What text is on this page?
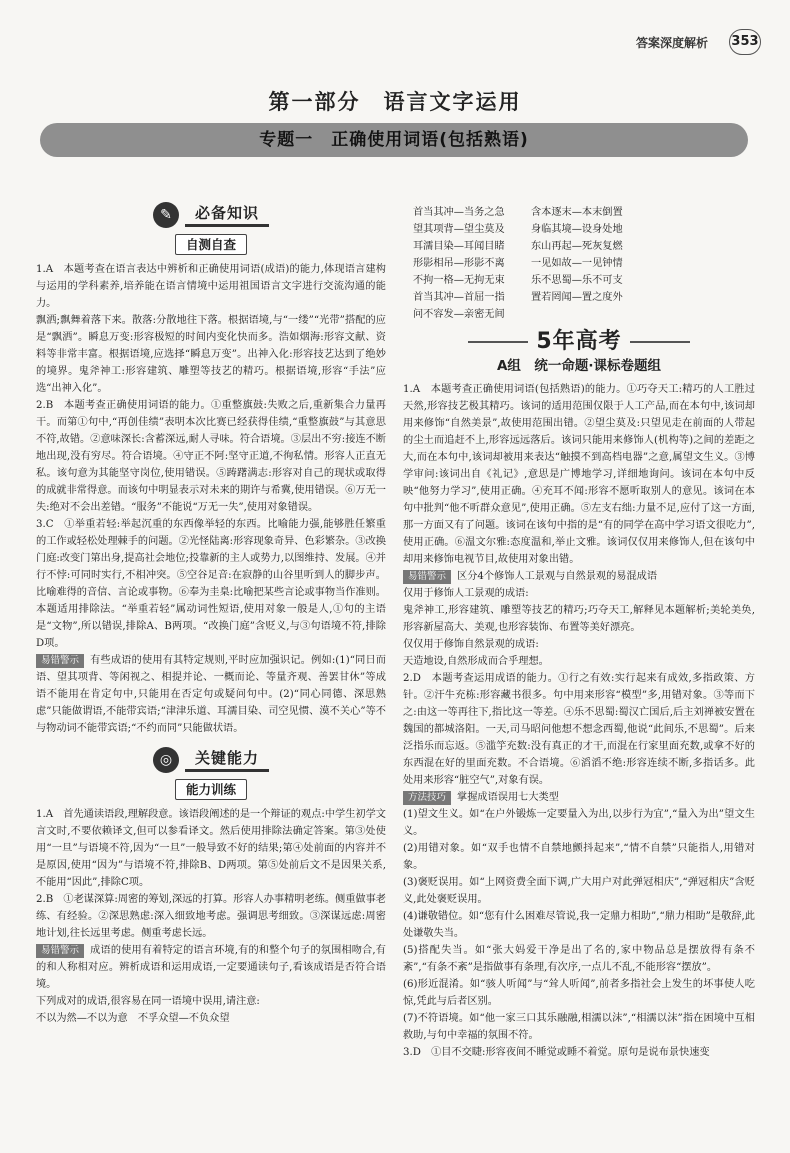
答案深度解析 353
第一部分　语言文字运用
专题一　正确使用词语(包括熟语)
✎	必备知识
自测自查

1.A　本题考查在语言表达中辨析和正确使用词语(成语)的能力,体现语言建构与运用的学科素养,培养能在语言情境中运用祖国语言文字进行交流沟通的能力。

飘洒;飘舞着落下来。散落:分散地往下落。根据语境,与“一缕”“光带”搭配的应是“飘洒”。瞬息万变:形容极短的时间内变化快而多。浩如烟海:形容文献、资料等非常丰富。根据语境,应选择“瞬息万变”。出神入化:形容技艺达到了绝妙的境界。鬼斧神工:形容建筑、雕塑等技艺的精巧。根据语境,形容“手法”应选“出神入化”。

2.B　本题考查正确使用词语的能力。①重整旗鼓:失败之后,重新集合力量再干。而第①句中,“再创佳绩”表明本次比赛已经获得佳绩,“重整旗鼓”与其意思不符,故错。②意味深长:含蓄深远,耐人寻味。符合语境。③层出不穷:接连不断地出现,没有穷尽。符合语境。④守正不阿:坚守正道,不徇私情。形容人正直无私。该句意为其能坚守岗位,使用错误。⑤踌躇满志:形容对自己的现状或取得的成就非常得意。而该句中明显表示对未来的期许与希冀,使用错误。⑥万无一失:绝对不会出差错。“服务”不能说“万无一失”,使用对象错误。

3.C　①举重若轻:举起沉重的东西像举轻的东西。比喻能力强,能够胜任繁重的工作或轻松处理棘手的问题。②光怪陆离:形容现象奇异、色彩繁杂。③改换门庭:改变门第出身,提高社会地位;投靠新的主人或势力,以图维持、发展。④并行不悖:可同时实行,不相冲突。⑤空谷足音:在寂静的山谷里听到人的脚步声。比喻难得的音信、言论或事物。⑥奉为圭臬:比喻把某些言论或事物当作准则。本题适用排除法。“举重若轻”属动词性短语,使用对象一般是人,①句的主语是“文物”,所以错误,排除A、B两项。“改换门庭”含贬义,与③句语境不符,排除D项。

易错警示 有些成语的使用有其特定规则,平时应加强识记。例如:(1)“同日而语、望其项背、等闲视之、相提并论、一概而论、等量齐观、善罢甘休”等成语不能用在肯定句中,只能用在否定句或疑问句中。(2)“同心同德、深思熟虑”只能做谓语,不能带宾语;“津津乐道、耳濡目染、司空见惯、漠不关心”等不与物动词不能带宾语;“不约而同”只能做状语。

◎	关键能力
能力训练

1.A　首先通读语段,理解段意。该语段阐述的是一个辩证的观点:中学生初学文言文时,不要依赖译文,但可以参看译文。然后使用排除法确定答案。第③处使用“一旦”与语境不符,因为“一旦”一般导致不好的结果;第④处前面的内容并不是原因,使用“因为”与语境不符,排除B、D两项。第⑤处前后文不是因果关系,不能用“因此”,排除C项。

2.B　①老谋深算:周密的筹划,深远的打算。形容人办事精明老练。侧重做事老练、有经验。②深思熟虑:深入细致地考虑。强调思考细致。③深谋远虑:周密地计划,往长远里考虑。侧重考虑长远。

易错警示 成语的使用有着特定的语言环境,有的和整个句子的氛围相吻合,有的和人称相对应。辨析成语和运用成语,一定要通读句子,看该成语是否符合语境。

下列成对的成语,很容易在同一语境中误用,请注意:

不以为然—不以为意　不孚众望—不负众望

首当其冲—当务之急	含本逐末—本末倒置
望其项背—望尘莫及	身临其境—设身处地
耳濡目染—耳闻目睹	东山再起—死灰复燃
形影相吊—形影不离	一见如故—一见钟情
不拘一格—无拘无束	乐不思蜀—乐不可支
首当其冲—首屈一指	置若罔闻—置之度外
问不容发—亲密无间
5年高考
A组　统一命题·课标卷题组

1.A　本题考查正确使用词语(包括熟语)的能力。①巧夺天工:精巧的人工胜过天然,形容技艺极其精巧。该词的适用范围仅限于人工产品,而在本句中,该词却用来修饰“自然美景”,故使用范围出错。②望尘莫及:只望见走在前面的人带起的尘土而追赶不上,形容远远落后。该词只能用来修饰人(机构等)之间的差距之大,而在本句中,该词却被用来表达“触摸不到高档电器”之意,属望文生义。③博学审问:该词出自《礼记》,意思是广博地学习,详细地询问。该词在本句中反映“他努力学习”,使用正确。④充耳不闻:形容不愿听取别人的意见。该词在本句中批判“他不听群众意见”,使用正确。⑤左支右绌:力量不足,应付了这一方面,那一方面又有了问题。该词在该句中指的是“有的同学在高中学习语文很吃力”,使用正确。⑥温文尔雅:态度温和,举止文雅。该词仅仅用来修饰人,但在该句中却用来修饰电视节目,故使用对象出错。

易错警示 区分4个修饰人工景观与自然景观的易混成语

仅用于修饰人工景观的成语:

鬼斧神工,形容建筑、雕塑等技艺的精巧;巧夺天工,解释见本题解析;美轮美奂,形容新屋高大、美观,也形容装饰、布置等美好漂亮。

仅仅用于修饰自然景观的成语:

天造地设,自然形成而合乎理想。

2.D　本题考查运用成语的能力。①行之有效:实行起来有成效,多指政策、方针。②汗牛充栋:形容藏书很多。句中用来形容“模型”多,用错对象。③等而下之:由这一等再往下,指比这一等差。④乐不思蜀:蜀汉亡国后,后主刘禅被安置在魏国的都城洛阳。一天,司马昭问他想不想念西蜀,他说“此间乐,不思蜀”。后来泛指乐而忘返。⑤滥竽充数:没有真正的才干,而混在行家里面充数,或拿不好的东西混在好的里面充数。不合语境。⑥滔滔不绝:形容连续不断,多指话多。此处用来形容“脏空气”,对象有误。

方法技巧 掌握成语误用七大类型

(1)望文生义。如“在户外锻炼一定要量入为出,以步行为宜”,“量入为出”望文生义。

(2)用错对象。如“双手也情不自禁地颤抖起来”,“情不自禁”只能指人,用错对象。

(3)褒贬误用。如“上网资费全面下调,广大用户对此弹冠相庆”,“弹冠相庆”含贬义,此处褒贬误用。

(4)谦敬错位。如“您有什么困难尽管说,我一定鼎力相助”,“鼎力相助”是敬辞,此处谦敬失当。

(5)搭配失当。如“张大妈爱干净是出了名的,家中物品总是摆放得有条不紊”,“有条不紊”是指做事有条理,有次序,一点儿不乱,不能形容“摆放”。

(6)形近混淆。如“骇人听闻”与“耸人听闻”,前者多指社会上发生的坏事使人吃惊,凭此与后者区别。

(7)不符语境。如“他一家三口其乐融融,相濡以沫”,“相濡以沫”指在困境中互相救助,与句中幸福的氛围不符。

3.D　①目不交睫:形容夜间不睡觉或睡不着觉。原句是说布景快速变
